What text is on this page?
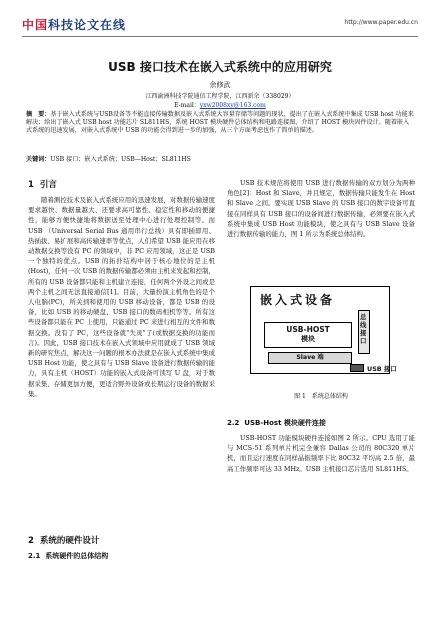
中国科技论文在线	http://www.paper.edu.cn
USB 接口技术在嵌入式系统中的应用研究
余修武
江西渝洲科技学院通信工程学院，江西新余（338029）
E-mail：yxw2008xy@163.com
摘　要：基于嵌入式系统与USB设备等不能直接传输数据及嵌入式系统大容量存储等问题的现状，提出了在嵌入式系统中集成 USB host 功能来解决；给出了嵌入式 USB host 功能芯片 SL811HS、系统 HOST 模块硬件总体结构和电路连接图、介绍了 HOST 模块固件设计。随着嵌入式系统的迅速发展，对嵌入式系统中 USB 的功能会得到进一步的加强，从三个方面考虑也作了简单的描述。
关键词：USB 接口；嵌入式系统；USB—Host；SL811HS
1 引言
随着测控技术及嵌入式系统应用的迅速发展，对数据传输速度要求越快、数据量越大、还要求高可靠性、稳定性和移动的便捷性，能够方便快捷地将数据送至处理中心进行处理控制等。而 USB （Universal Serial Bus 通用串行总线）具有即插即用、热插拔、易扩展和高传输速率等优点，人们希望 USB 能应用在移动数据交换等没有 PC 的领域中，非 PC 应用领域，这正是 USB 一个独特的优点。USB 的拓扑结构中居于核心地位的是主机(Host)，任何一次 USB 的数据传输都必须由主机来发起和控制，所有的 USB 设备都只能和主机建立连接，任何两个外设之间或是两个主机之间无法直接通信[1]。目前，大量扮演主机角色的是个人电脑(PC)，所关到和使用的 USB 移动设备，都是 USB 的设备，比如 USB 的移动硬盘、USB 接口的数码相机等等。所有这些设备都只能在 PC 上使用，只能通过 PC 来进行相互的文件和数据交换。没有了 PC，这些设备就"失灵"了(或数据交换的功能而言)。因此，USB 接口技术在嵌入式领域中应用就成了 USB 领域新的研究焦点，解决这一问题的根本办法就是在嵌入式系统中集成 USB Host 功能，使之具有与 USB Slave 设备进行数据传输的能力，具有主机（HOST）功能的嵌入式设备可读写 U 盘，对于数据采集、存储更加方便，更适合野外设备或长期运行设备的数据采集。
2 系统的硬件设计
2.1 系统硬件的总体结构
USB 技术规范将使用 USB 进行数据传输的双方划分为两种角色[2]：Host 和 Slave，并且规定，数据传输只能发生在 Host 和 Slave 之间。要实现 USB Slave 的 USB 接口的数字设备可直接在同样具有 USB 接口的设备间进行数据传输，必须要在嵌入式系统中集成 USB Host 功能模块，使之具有与 USB Slave 设备进行数据传输的能力，图 1 所示为系统总体结构。
嵌入式设备
USB-HOST
模块
总线接口
Slave 端
USB 接口
图 1　系统总体结构
2.2 USB-Host 模块硬件连接
USB-HOST 功能模块硬件连接如图 2 所示。CPU 选用了能与 MCS-51 系列单片机完全兼容 Dallas 公司的 80C320 单片机，而且运行速度在同样晶振频率下比 80C32 平均高 2.5 倍，最高工作频率可达 33 MHz。USB 主机接口芯片选用 SL811HS。
